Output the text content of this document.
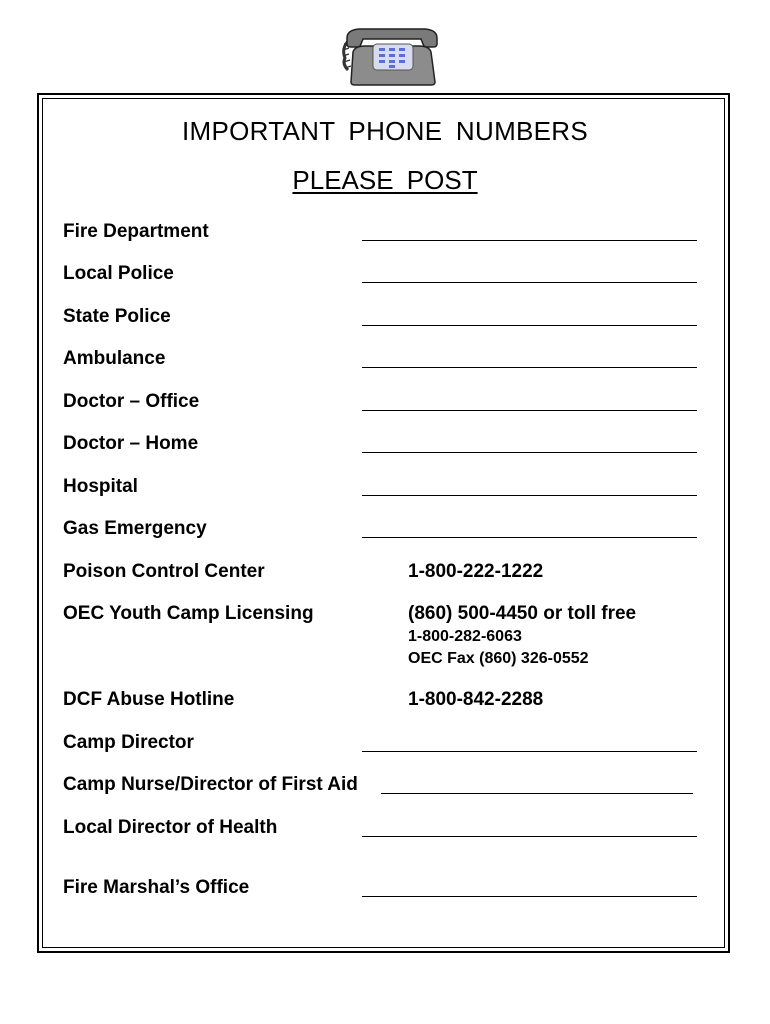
IMPORTANT PHONE NUMBERS
PLEASE POST
Fire Department
Local Police
State Police
Ambulance
Doctor – Office
Doctor – Home
Hospital
Gas Emergency
Poison Control Center	1-800-222-1222
OEC Youth Camp Licensing	(860) 500-4450 or toll free
1-800-282-6063
OEC Fax (860) 326-0552
DCF Abuse Hotline	1-800-842-2288
Camp Director
Camp Nurse/Director of First Aid
Local Director of Health
Fire Marshal’s Office
